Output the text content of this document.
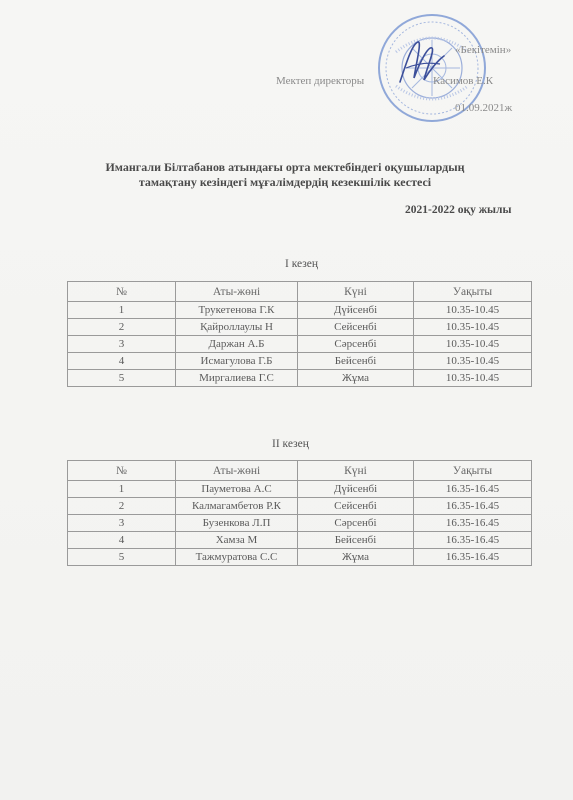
«Бекітемін»
Мектеп директоры	Касимов Е.К
01.09.2021ж
Имангали Білтабанов атындағы орта мектебіндегі оқушылардың
тамақтану кезіндегі мұғалімдердің кезекшілік кестесі
2021-2022 оқу жылы
I кезең
№	Аты-жөні	Күні	Уақыты
1	Трукетенова Г.К	Дүйсенбі	10.35-10.45
2	Қайроллаулы Н	Сейсенбі	10.35-10.45
3	Даржан А.Б	Сәрсенбі	10.35-10.45
4	Исмагулова Г.Б	Бейсенбі	10.35-10.45
5	Миргалиева Г.С	Жұма	10.35-10.45
II кезең
№	Аты-жөні	Күні	Уақыты
1	Пауметова А.С	Дүйсенбі	16.35-16.45
2	Калмагамбетов Р.К	Сейсенбі	16.35-16.45
3	Бузенкова Л.П	Сәрсенбі	16.35-16.45
4	Хамза М	Бейсенбі	16.35-16.45
5	Тажмуратова С.С	Жұма	16.35-16.45
